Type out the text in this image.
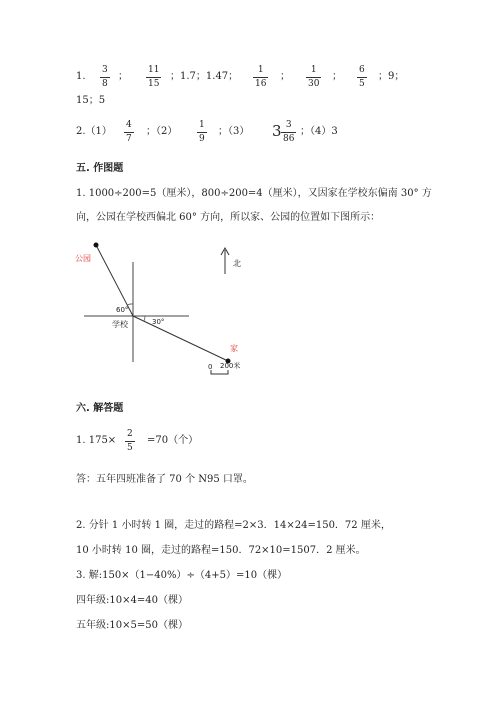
1.
3
8
；
11
15
；1.7；1.47；
1
16
；
1
30
；
6
5
；9；
15；5
2.（1）
4
7
；（2）
1
9
；（3） 3 3
86
；（4）3
五. 作图题
1. 1000÷200=5（厘米），800÷200=4（厘米），又因家在学校东偏南 30° 方
向，公园在学校西偏北 60° 方向，所以家、公园的位置如下图所示：
公园
学校
家
北
60°
30°
0 200米
六. 解答题
1. 175×
2
5
=70（个）
答：五年四班准备了 70 个 N95 口罩。
2. 分针 1 小时转 1 圈，走过的路程=2×3．14×24=150．72 厘米，
10 小时转 10 圈，走过的路程=150．72×10=1507．2 厘米。
3. 解:150×（1−40%）÷（4+5）=10（棵）
四年级:10×4=40（棵）
五年级:10×5=50（棵）
